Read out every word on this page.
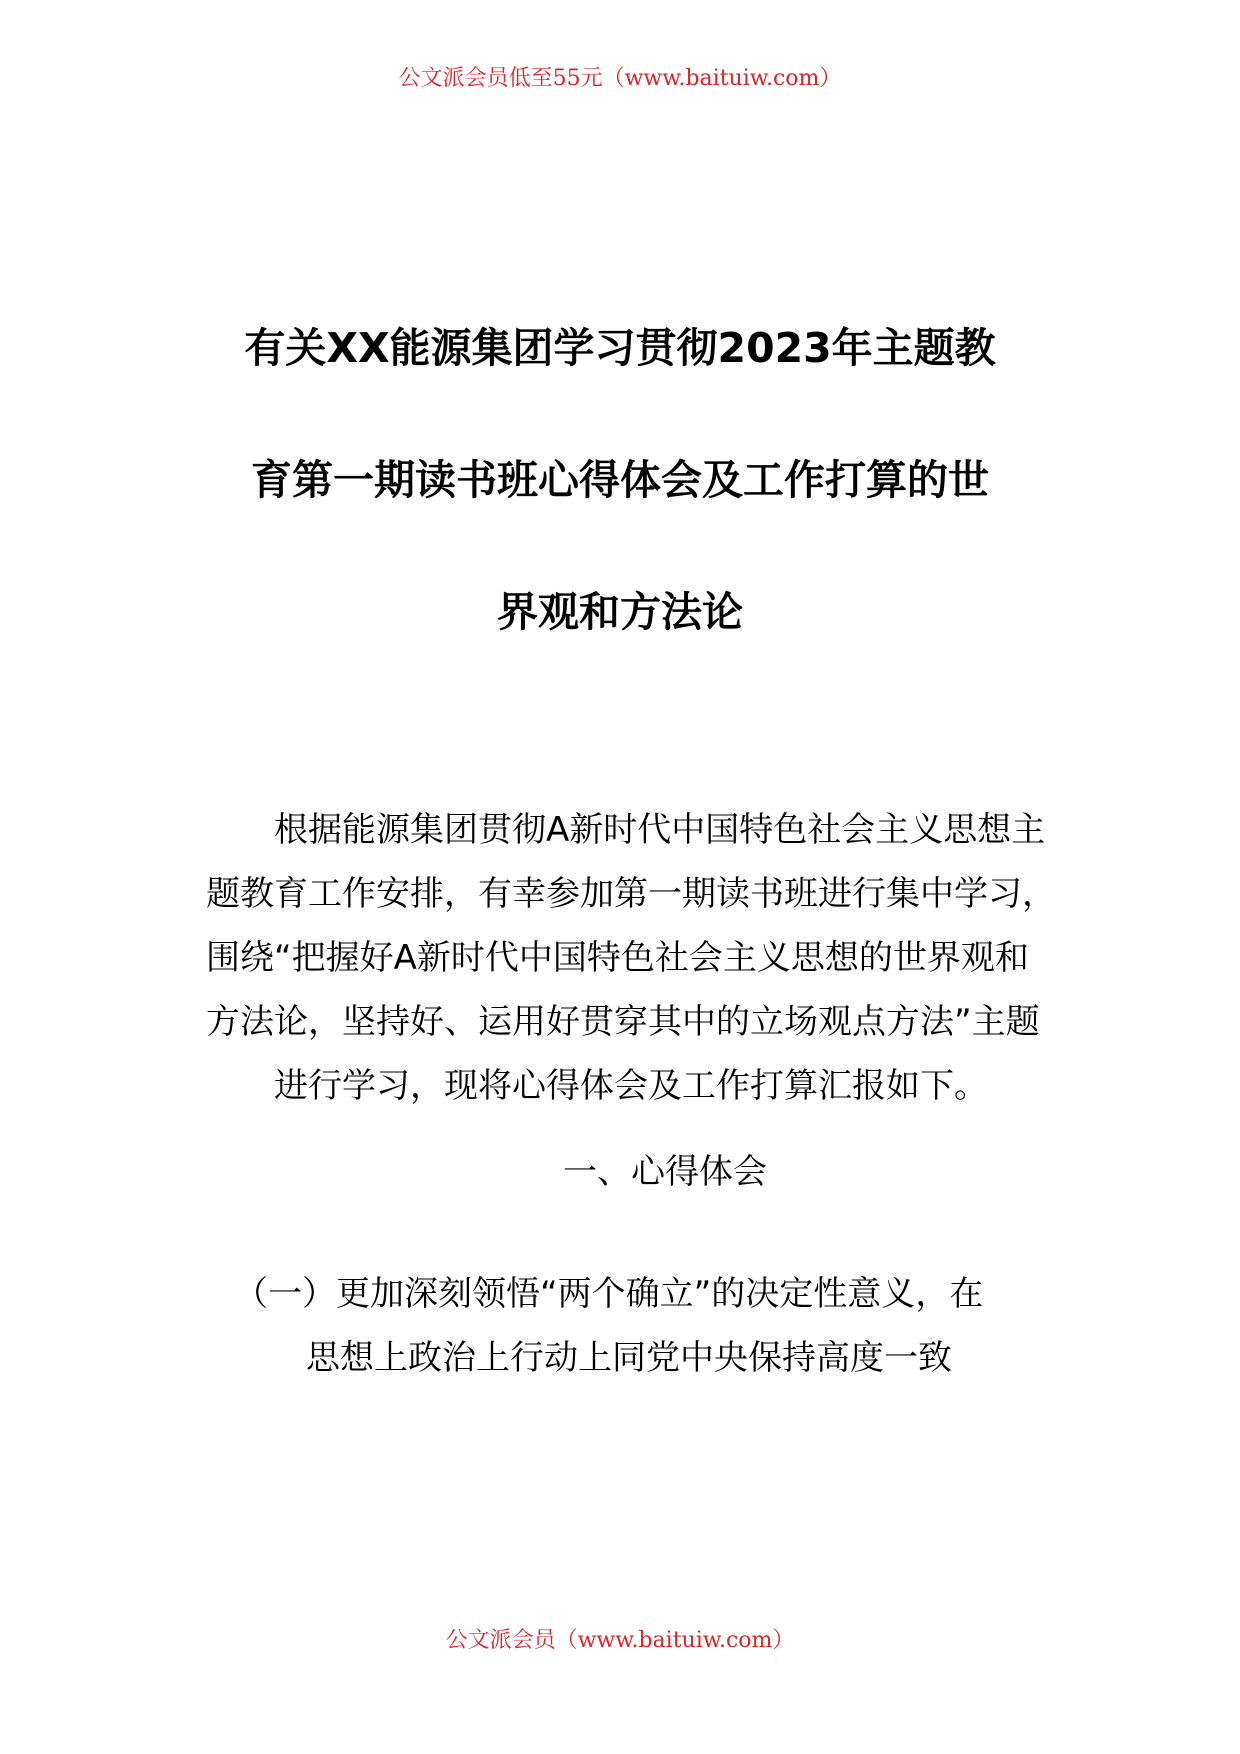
公文派会员低至55元（www.baituiw.com）
有关XX能源集团学习贯彻2023年主题教
育第一期读书班心得体会及工作打算的世
界观和方法论
根据能源集团贯彻A新时代中国特色社会主义思想主
题教育工作安排，有幸参加第一期读书班进行集中学习，
围绕“把握好A新时代中国特色社会主义思想的世界观和
方法论，坚持好、运用好贯穿其中的立场观点方法”主题
进行学习，现将心得体会及工作打算汇报如下。
一、心得体会
（一）更加深刻领悟“两个确立”的决定性意义，在
思想上政治上行动上同党中央保持高度一致
公文派会员（www.baituiw.com）
